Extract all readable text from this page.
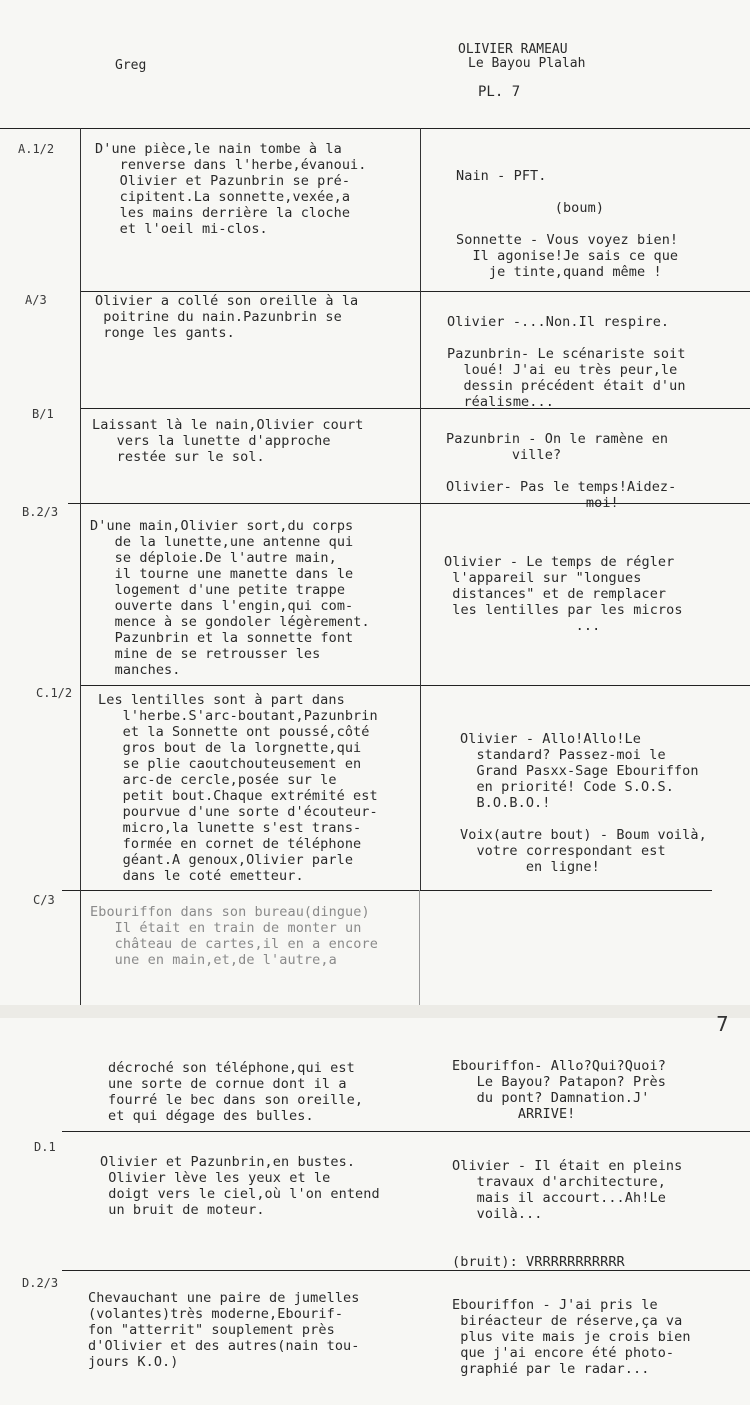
Greg
OLIVIER RAMEAU
Le Bayou Plalah
PL. 7
A.1/2	D'une pièce,le nain tombe à la
renverse dans l'herbe,évanoui.
Olivier et Pazunbrin se pré-
cipitent.La sonnette,vexée,a
les mains derrière la cloche
et l'oeil mi-clos.
Nain - PFT.

(boum)

Sonnette - Vous voyez bien!
Il agonise!Je sais ce que
je tinte,quand même !
A/3	Olivier a collé son oreille à la
poitrine du nain.Pazunbrin se
ronge les gants.
Olivier -...Non.Il respire.

Pazunbrin- Le scénariste soit
loué! J'ai eu très peur,le
dessin précédent était d'un
réalisme...
B/1
Laissant là le nain,Olivier court
vers la lunette d'approche
restée sur le sol.
Pazunbrin - On le ramène en
ville?

Olivier- Pas le temps!Aidez-
moi!
B.2/3
D'une main,Olivier sort,du corps
de la lunette,une antenne qui
se déploie.De l'autre main,
il tourne une manette dans le
logement d'une petite trappe
ouverte dans l'engin,qui com-
mence à se gondoler légèrement.
Pazunbrin et la sonnette font
mine de se retrousser les
manches.
Olivier - Le temps de régler
l'appareil sur "longues
distances" et de remplacer
les lentilles par les micros
...
C.1/2 Les lentilles sont à part dans
l'herbe.S'arc-boutant,Pazunbrin
et la Sonnette ont poussé,côté
gros bout de la lorgnette,qui
se plie caoutchouteusement en
arc-de cercle,posée sur le
petit bout.Chaque extrémité est
pourvue d'une sorte d'écouteur-
micro,la lunette s'est trans-
formée en cornet de téléphone
géant.A genoux,Olivier parle
dans le coté emetteur.
Olivier - Allo!Allo!Le
standard? Passez-moi le
Grand Pasxx-Sage Ebouriffon
en priorité! Code S.O.S.
B.O.B.O.!

Voix(autre bout) - Boum voilà,
votre correspondant est
en ligne!
C/3
Ebouriffon dans son bureau(dingue)
Il était en train de monter un
château de cartes,il en a encore
une en main,et,de l'autre,a
7
décroché son téléphone,qui est
une sorte de cornue dont il a
fourré le bec dans son oreille,
et qui dégage des bulles.
Ebouriffon- Allo?Qui?Quoi?
Le Bayou? Patapon? Près
du pont? Damnation.J'
ARRIVE!
D.1
Olivier et Pazunbrin,en bustes.
Olivier lève les yeux et le
doigt vers le ciel,où l'on entend
un bruit de moteur.
Olivier - Il était en pleins
travaux d'architecture,
mais il accourt...Ah!Le
voilà...

(bruit): VRRRRRRRRRRR
D.2/3
Chevauchant une paire de jumelles
(volantes)très moderne,Ebourif-
fon "atterrit" souplement près
d'Olivier et des autres(nain tou-
jours K.O.)
Ebouriffon - J'ai pris le
biréacteur de réserve,ça va
plus vite mais je crois bien
que j'ai encore été photo-
graphié par le radar...
